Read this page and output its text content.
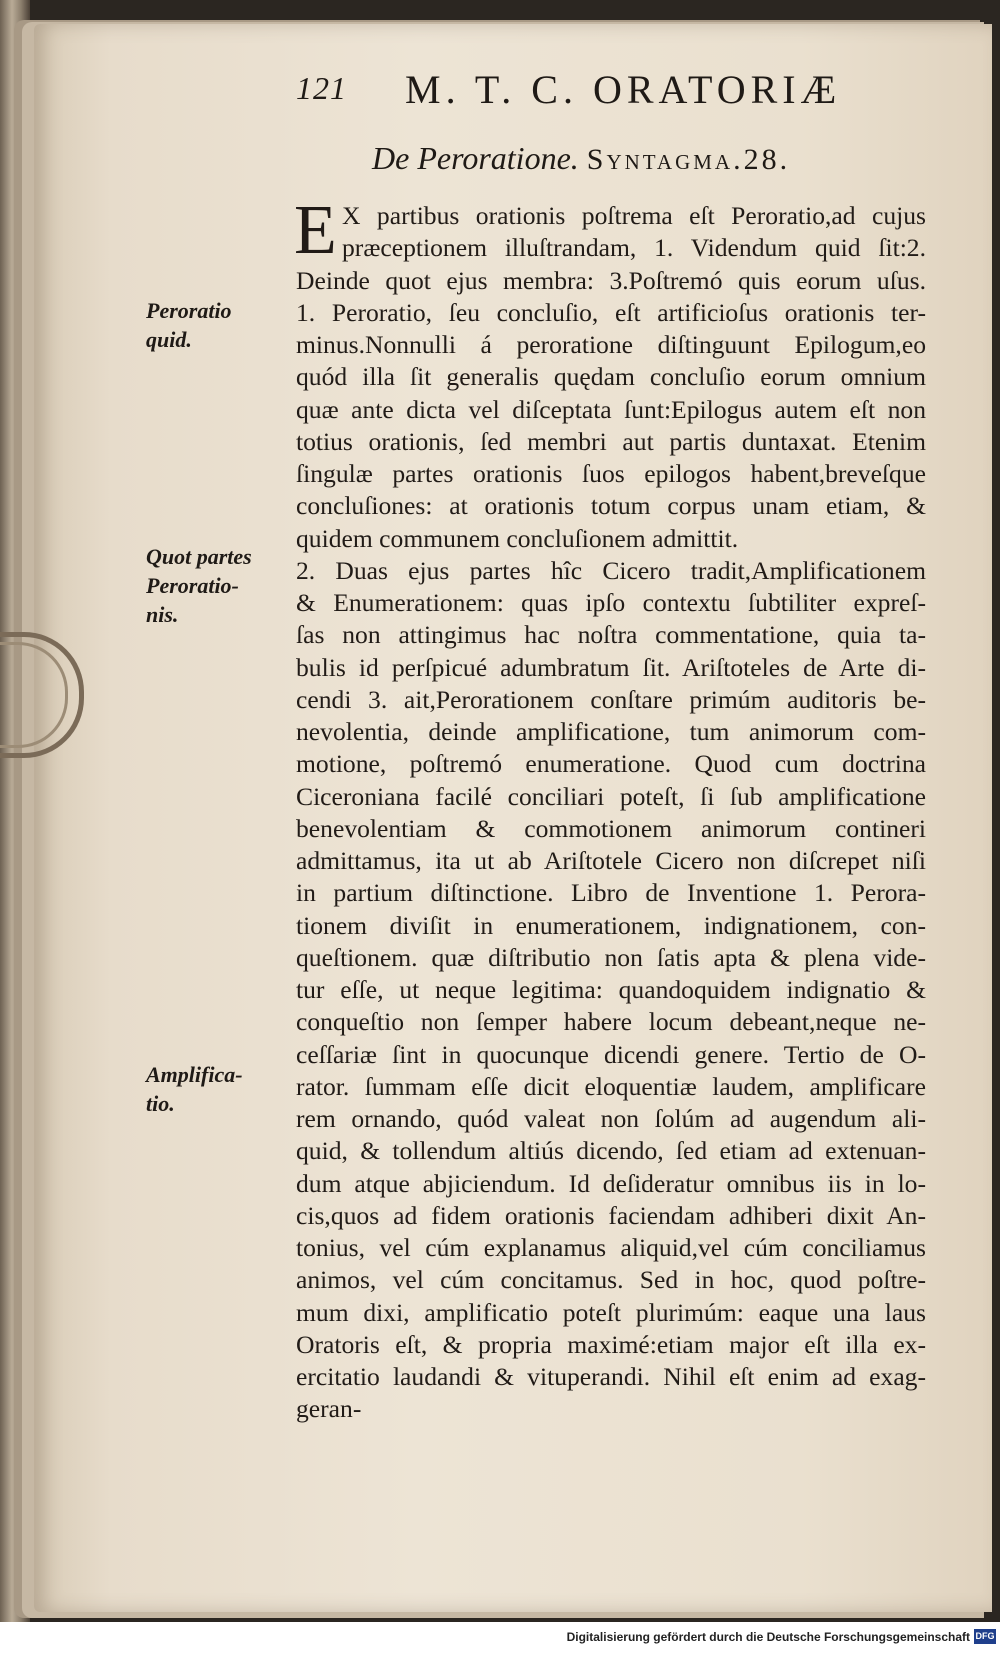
121 M. T. C. ORATORIÆ
De Peroratione. Syntagma.28.
E X partibus orationis poſtrema eſt Peroratio,ad cujus
præceptionem illuſtrandam, 1. Videndum quid ſit:2.
Deinde quot ejus membra: 3.Poſtremó quis eorum uſus.
1. Peroratio, ſeu concluſio, eſt artificioſus orationis ter-
minus.Nonnulli á peroratione diſtinguunt Epilogum,eo
quód illa ſit generalis quędam concluſio eorum omnium
quæ ante dicta vel diſceptata ſunt:Epilogus autem eſt non
totius orationis, ſed membri aut partis duntaxat. Etenim
ſingulæ partes orationis ſuos epilogos habent,breveſque
concluſiones: at orationis totum corpus unam etiam, &
quidem communem concluſionem admittit.
2. Duas ejus partes hîc Cicero tradit,Amplificationem
& Enumerationem: quas ipſo contextu ſubtiliter expreſ-
ſas non attingimus hac noſtra commentatione, quia ta-
bulis id perſpicué adumbratum ſit. Ariſtoteles de Arte di-
cendi 3. ait,Perorationem conſtare primúm auditoris be-
nevolentia, deinde amplificatione, tum animorum com-
motione, poſtremó enumeratione. Quod cum doctrina
Ciceroniana facilé conciliari poteſt, ſi ſub amplificatione
benevolentiam & commotionem animorum contineri
admittamus, ita ut ab Ariſtotele Cicero non diſcrepet niſi
in partium diſtinctione. Libro de Inventione 1. Perora-
tionem diviſit in enumerationem, indignationem, con-
queſtionem. quæ diſtributio non ſatis apta & plena vide-
tur eſſe, ut neque legitima: quandoquidem indignatio &
conqueſtio non ſemper habere locum debeant,neque ne-
ceſſariæ ſint in quocunque dicendi genere. Tertio de O-
rator. ſummam eſſe dicit eloquentiæ laudem, amplificare
rem ornando, quód valeat non ſolúm ad augendum ali-
quid, & tollendum altiús dicendo, ſed etiam ad extenuan-
dum atque abjiciendum. Id deſideratur omnibus iis in lo-
cis,quos ad fidem orationis faciendam adhiberi dixit An-
tonius, vel cúm explanamus aliquid,vel cúm conciliamus
animos, vel cúm concitamus. Sed in hoc, quod poſtre-
mum dixi, amplificatio poteſt plurimúm: eaque una laus
Oratoris eſt, & propria maximé:etiam major eſt illa ex-
ercitatio laudandi & vituperandi. Nihil eſt enim ad exag-
geran-
Peroratio
quid.
Quot partes
Peroratio-
nis.
Amplifica-
tio.
Digitalisierung gefördert durch die Deutsche Forschungsgemeinschaft DFG
